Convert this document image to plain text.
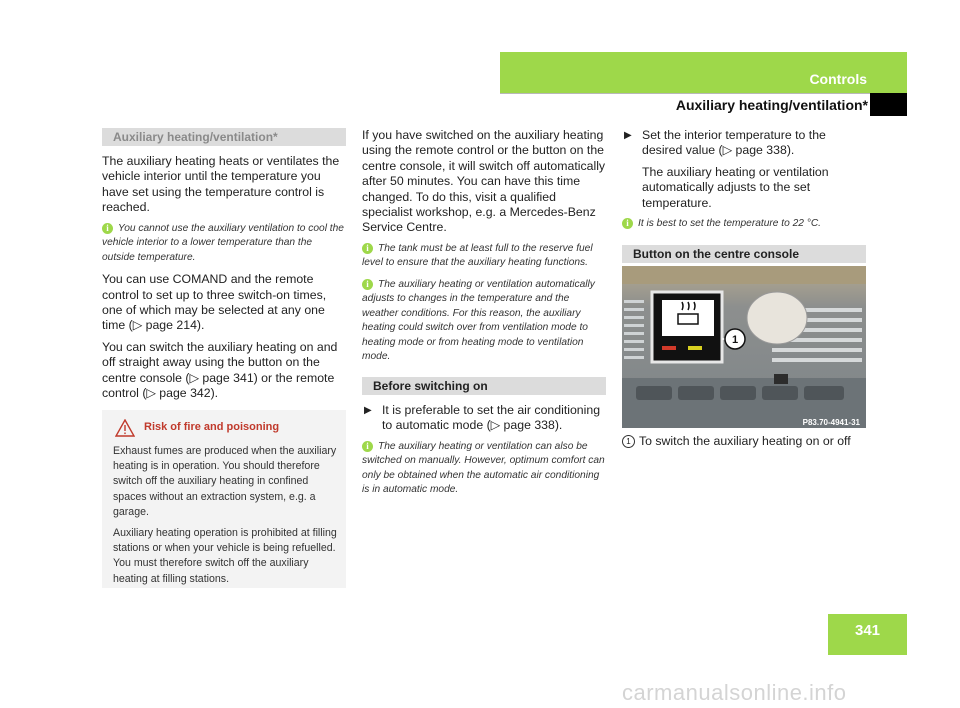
Controls
Auxiliary heating/ventilation*
Auxiliary heating/ventilation*

The auxiliary heating heats or ventilates the vehicle interior until the temperature you have set using the temperature control is reached.

i You cannot use the auxiliary ventilation to cool the vehicle interior to a lower temperature than the outside temperature.

You can use COMAND and the remote control to set up to three switch-on times, one of which may be selected at any one time (▷ page 214).

You can switch the auxiliary heating on and off straight away using the button on the centre console (▷ page 341) or the remote control (▷ page 342).

Risk of fire and poisoning

Exhaust fumes are produced when the auxiliary heating is in operation. You should therefore switch off the auxiliary heating in confined spaces without an extraction system, e.g. a garage.

Auxiliary heating operation is prohibited at filling stations or when your vehicle is being refuelled. You must therefore switch off the auxiliary heating at filling stations.

If you have switched on the auxiliary heating using the remote control or the button on the centre console, it will switch off automatically after 50 minutes. You can have this time changed. To do this, visit a qualified specialist workshop, e.g. a Mercedes-Benz Service Centre.

i The tank must be at least full to the reserve fuel level to ensure that the auxiliary heating functions.
i The auxiliary heating or ventilation automatically adjusts to changes in the temperature and the weather conditions. For this reason, the auxiliary heating could switch over from ventilation mode to heating mode or from heating mode to ventilation mode.
Before switching on
▶ It is preferable to set the air conditioning to automatic mode (▷ page 338).
i The auxiliary heating or ventilation can also be switched on manually. However, optimum comfort can only be obtained when the automatic air conditioning is in automatic mode.
▶ Set the interior temperature to the desired value (▷ page 338).

The auxiliary heating or ventilation automatically adjusts to the set temperature.

i It is best to set the temperature to 22 °C.
Button on the centre console
1
P83.70-4941-31
1 To switch the auxiliary heating on or off
341
carmanualsonline.info
